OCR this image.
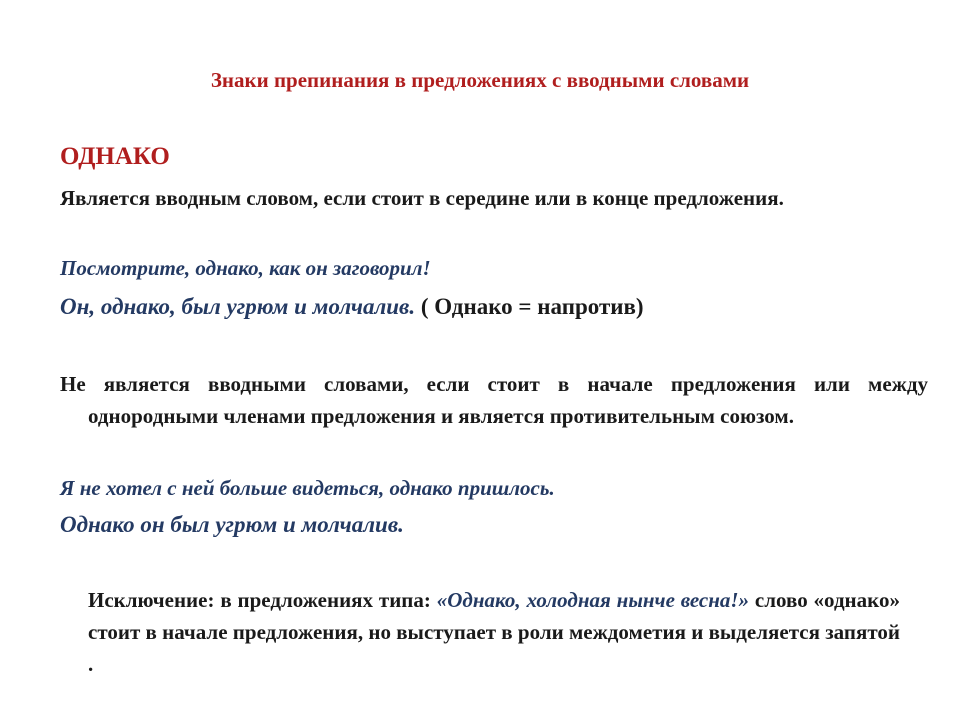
Знаки препинания в предложениях с вводными словами
ОДНАКО
Является вводным словом, если стоит в середине или в конце предложения.
Посмотрите, однако, как он заговорил!
Он, однако, был угрюм и молчалив. ( Однако = напротив)
Не является вводными словами, если стоит в начале предложения или между однородными членами предложения и является противительным союзом.
Я не хотел с ней больше видеться, однако пришлось.
Однако он был угрюм и молчалив.
Исключение: в предложениях типа: «Однако, холодная нынче весна!» слово «однако» стоит в начале предложения, но выступает в роли междометия и выделяется запятой .
